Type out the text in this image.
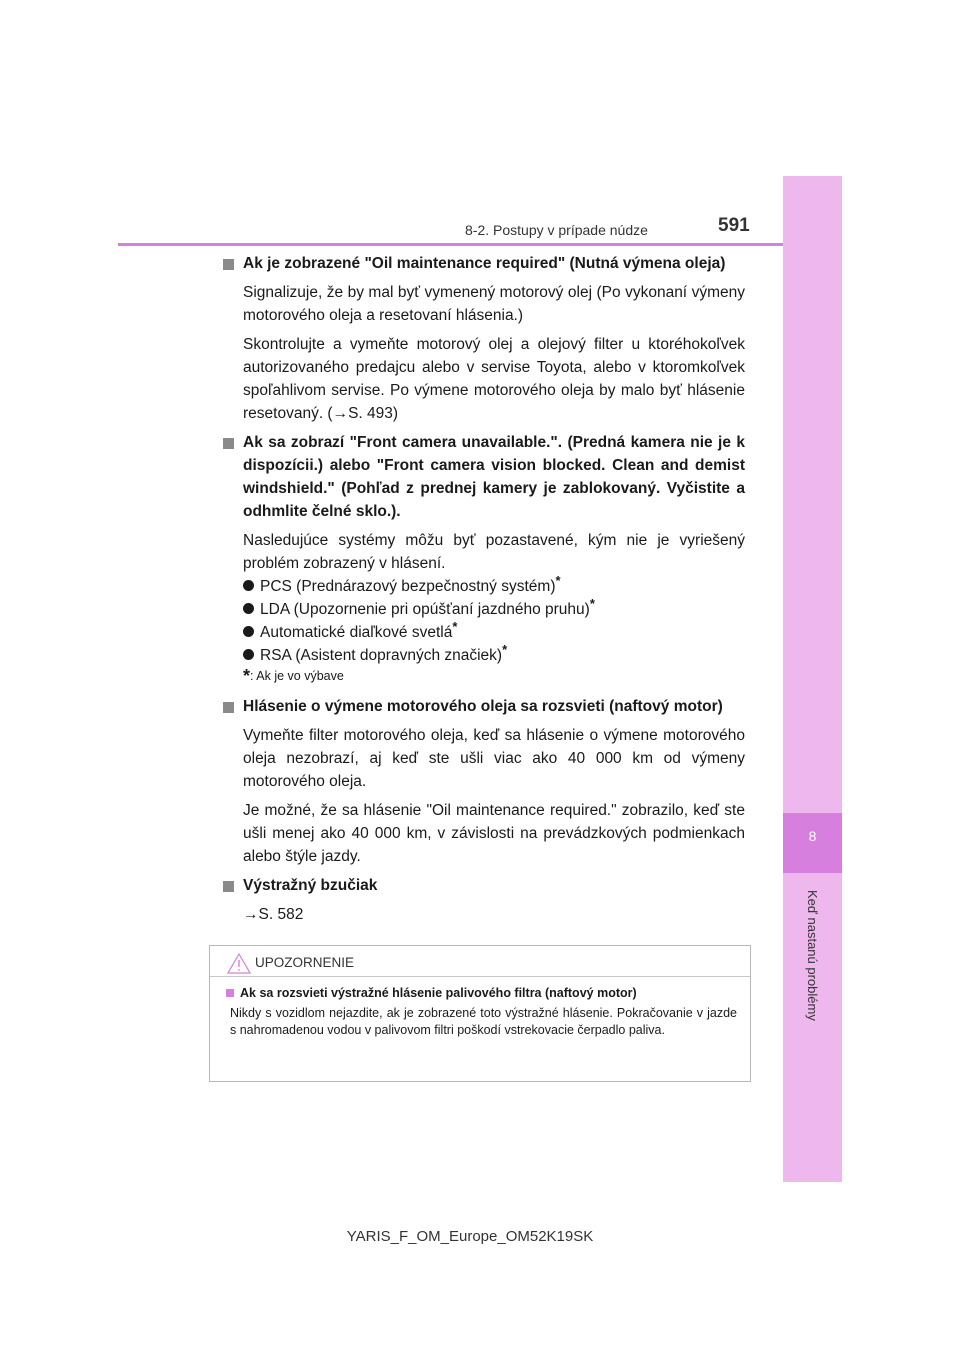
8
Keď nastanú problémy
8-2. Postupy v prípade núdze	591
Ak je zobrazené "Oil maintenance required" (Nutná výmena oleja)
Signalizuje, že by mal byť vymenený motorový olej (Po vykonaní výmeny motorového oleja a resetovaní hlásenia.)
Skontrolujte a vymeňte motorový olej a olejový filter u ktoréhokoľvek autorizovaného predajcu alebo v servise Toyota, alebo v ktoromkoľvek spoľahlivom servise. Po výmene motorového oleja by malo byť hlásenie resetovaný. (→S. 493)
Ak sa zobrazí "Front camera unavailable.". (Predná kamera nie je k dispozícii.) alebo "Front camera vision blocked. Clean and demist windshield." (Pohľad z prednej kamery je zablokovaný. Vyčistite a odhmlite čelné sklo.).
Nasledujúce systémy môžu byť pozastavené, kým nie je vyriešený problém zobrazený v hlásení.
PCS (Prednárazový bezpečnostný systém)*
LDA (Upozornenie pri opúšťaní jazdného pruhu)*
Automatické diaľkové svetlá*
RSA (Asistent dopravných značiek)*
*: Ak je vo výbave
Hlásenie o výmene motorového oleja sa rozsvieti (naftový motor)
Vymeňte filter motorového oleja, keď sa hlásenie o výmene motorového oleja nezobrazí, aj keď ste ušli viac ako 40 000 km od výmeny motorového oleja.
Je možné, že sa hlásenie "Oil maintenance required." zobrazilo, keď ste ušli menej ako 40 000 km, v závislosti na prevádzkových podmienkach alebo štýle jazdy.
Výstražný bzučiak
→S. 582
UPOZORNENIE
Ak sa rozsvieti výstražné hlásenie palivového filtra (naftový motor)
Nikdy s vozidlom nejazdite, ak je zobrazené toto výstražné hlásenie. Pokračovanie v jazde s nahromadenou vodou v palivovom filtri poškodí vstrekovacie čerpadlo paliva.
YARIS_F_OM_Europe_OM52K19SK
